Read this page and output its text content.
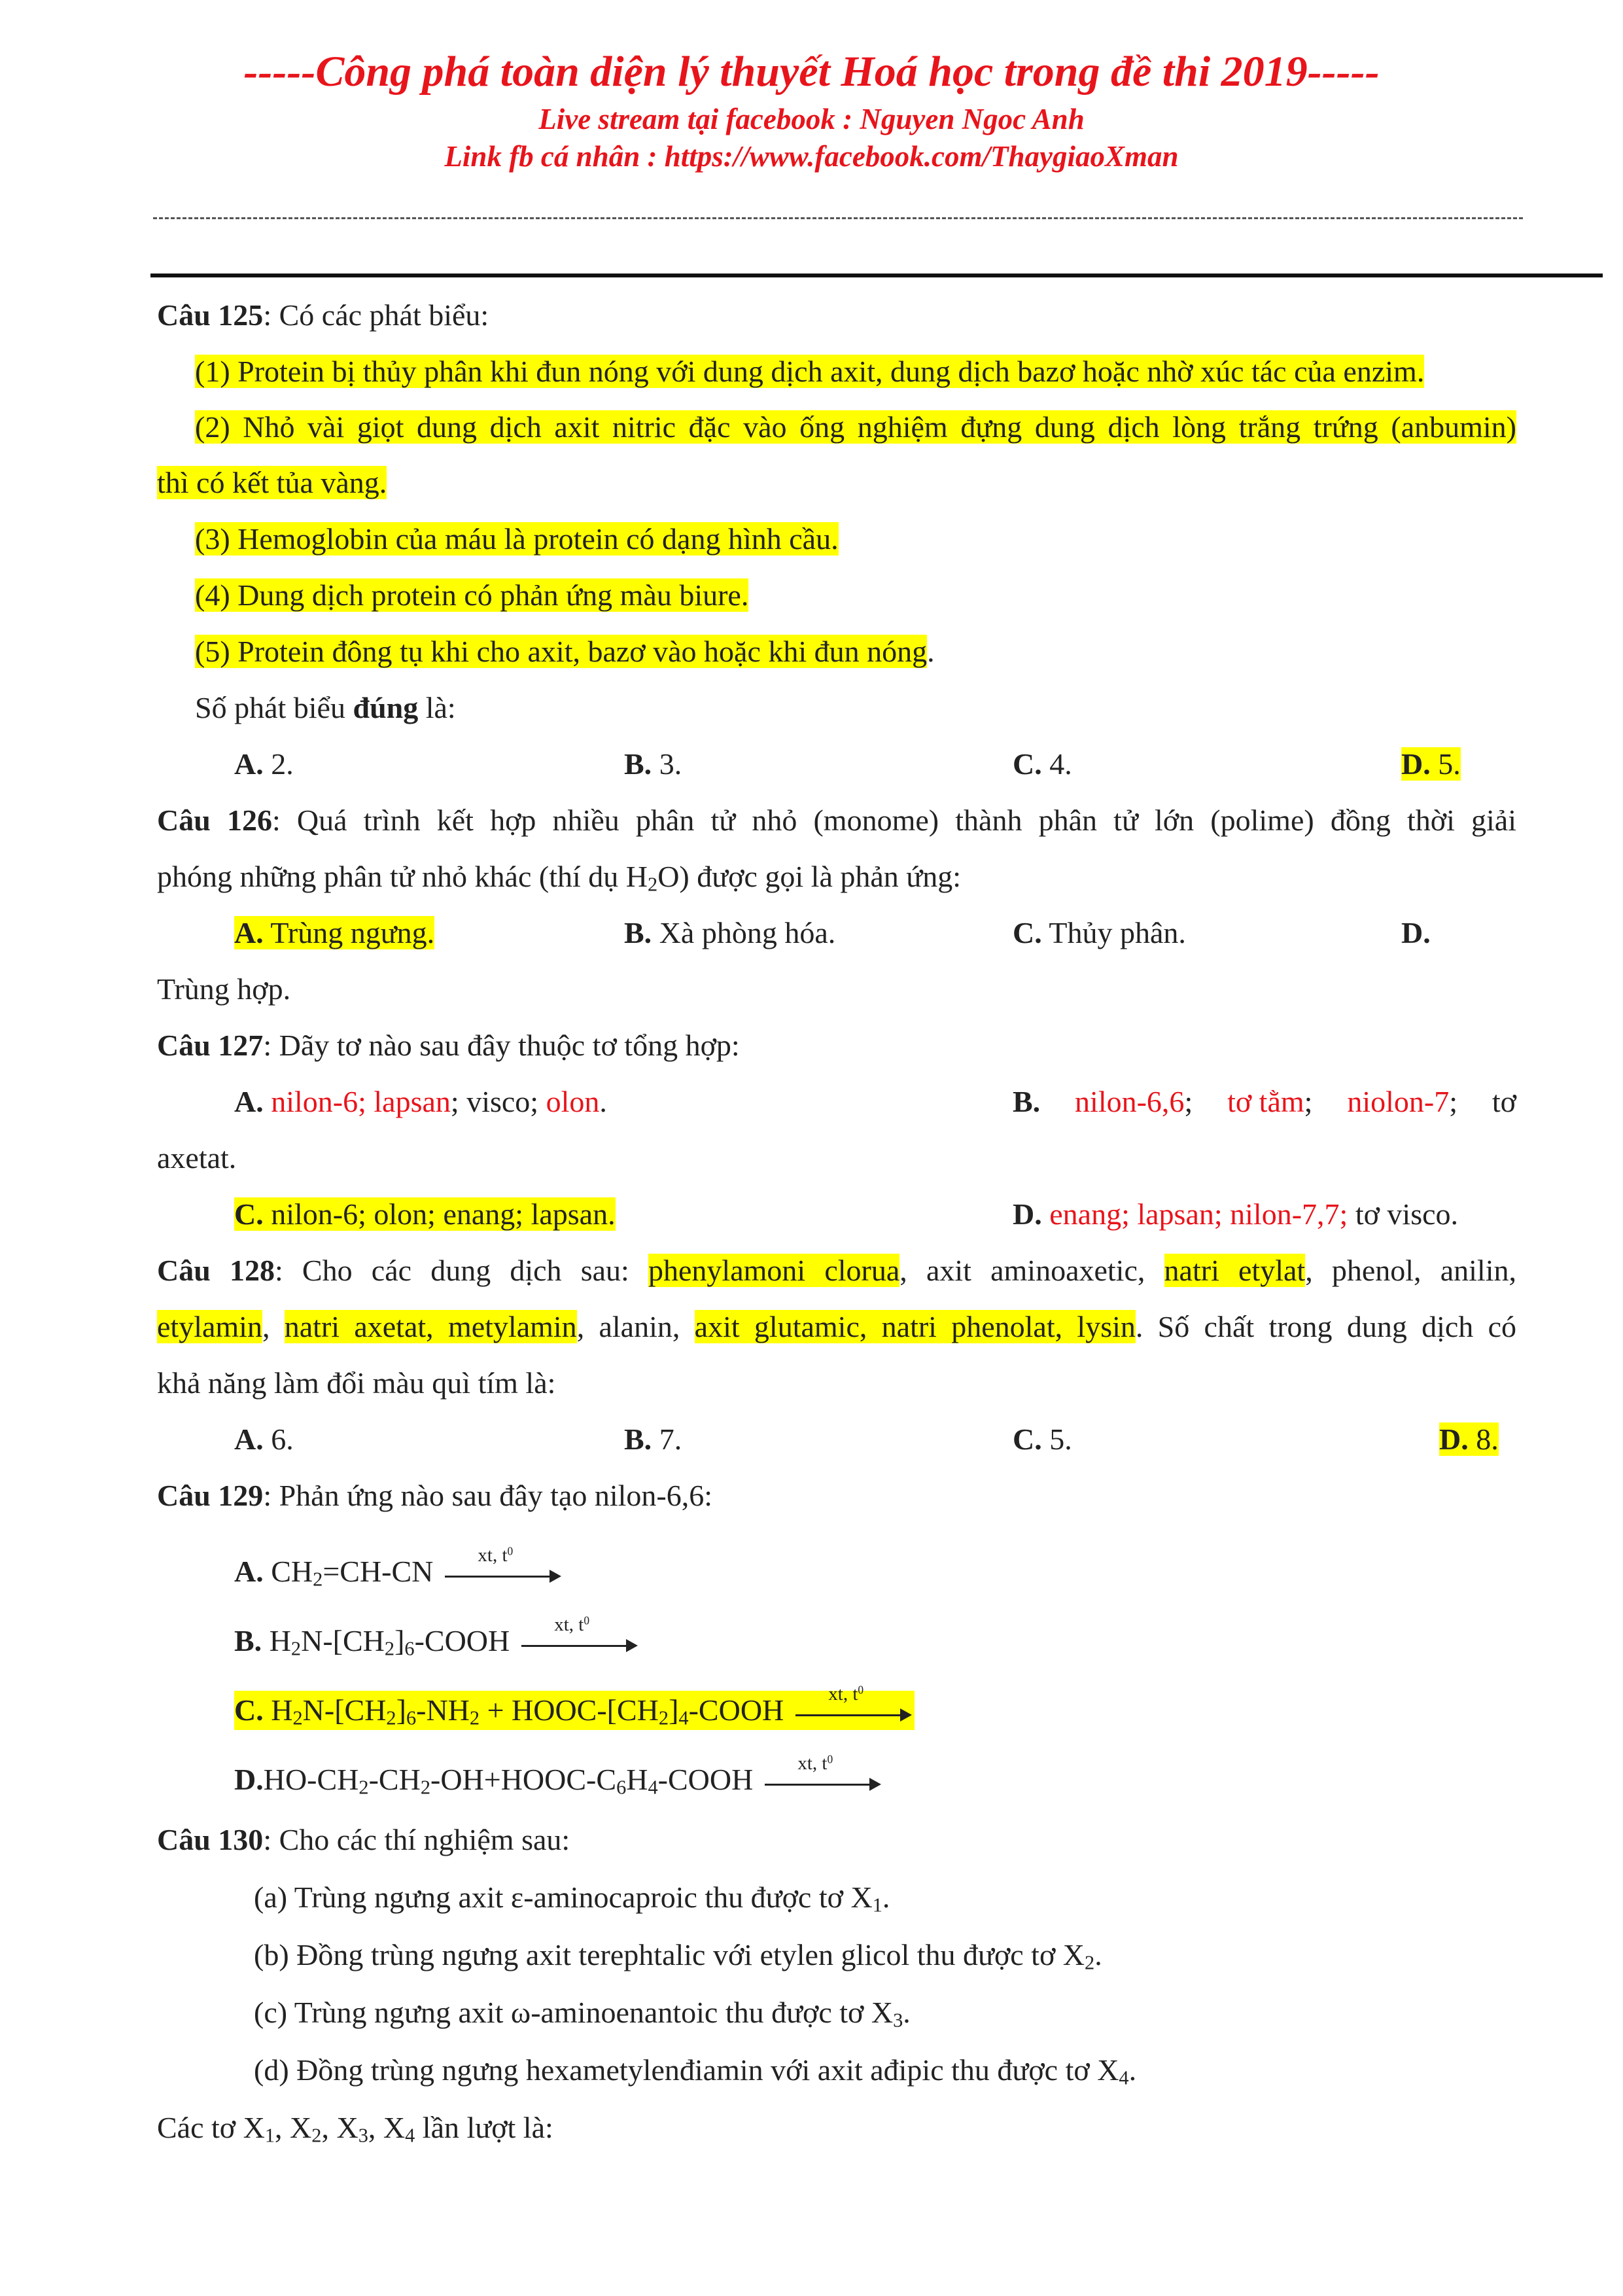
-----Công phá toàn diện lý thuyết Hoá học trong đề thi 2019-----
Live stream tại facebook : Nguyen Ngoc Anh
Link fb cá nhân : https://www.facebook.com/ThaygiaoXman
Câu 125: Có các phát biểu:
(1) Protein bị thủy phân khi đun nóng với dung dịch axit, dung dịch bazơ hoặc nhờ xúc tác của enzim.
(2) Nhỏ vài giọt dung dịch axit nitric đặc vào ống nghiệm đựng dung dịch lòng trắng trứng (anbumin)
thì có kết tủa vàng.
(3) Hemoglobin của máu là protein có dạng hình cầu.
(4) Dung dịch protein có phản ứng màu biure.
(5) Protein đông tụ khi cho axit, bazơ vào hoặc khi đun nóng.
Số phát biểu đúng là:
A. 2.	B. 3.	C. 4.	D. 5.
Câu 126: Quá trình kết hợp nhiều phân tử nhỏ (monome) thành phân tử lớn (polime) đồng thời giải
phóng những phân tử nhỏ khác (thí dụ $H_2O$) được gọi là phản ứng:
A. Trùng ngưng.	B. Xà phòng hóa.	C. Thủy phân.	D.
Trùng hợp.
Câu 127: Dãy tơ nào sau đây thuộc tơ tổng hợp:
A. nilon-6; lapsan; visco; olon.	B. nilon-6,6; tơ tằm; niolon-7; tơ
axetat.
C. nilon-6; olon; enang; lapsan.	D. enang; lapsan; nilon-7,7; tơ visco.
Câu 128: Cho các dung dịch sau: phenylamoni clorua, axit aminoaxetic, natri etylat, phenol, anilin,
etylamin, natri axetat, metylamin, alanin, axit glutamic, natri phenolat, lysin. Số chất trong dung dịch có
khả năng làm đổi màu quì tím là:
A. 6.	B. 7.	C. 5.	D. 8.
Câu 129: Phản ứng nào sau đây tạo nilon-6,6:
A. $CH_2=CH-CN$ xt, $t^0$
B. $H_2N-[CH_2]_6$-COOH xt, $t^0$
C. $H_2N-[CH_2]_6-NH_2$ + HOOC-$[CH_2]_4$-COOH xt, $t^0$
$D.HO-CH_2-CH_2-OH+HOOC-C_6H_4$-COOH xt, $t^0$
Câu 130: Cho các thí nghiệm sau:
(a) Trùng ngưng axit ε-aminocaproic thu được tơ $X_1$.
(b) Đồng trùng ngưng axit terephtalic với etylen glicol thu được tơ $X_2$.
(c) Trùng ngưng axit ω-aminoenantoic thu được tơ $X_3$.
(d) Đồng trùng ngưng hexametylenđiamin với axit ađipic thu được tơ $X_4$.
Các tơ $X_1$, $X_2$, $X_3$, $X_4$ lần lượt là:
